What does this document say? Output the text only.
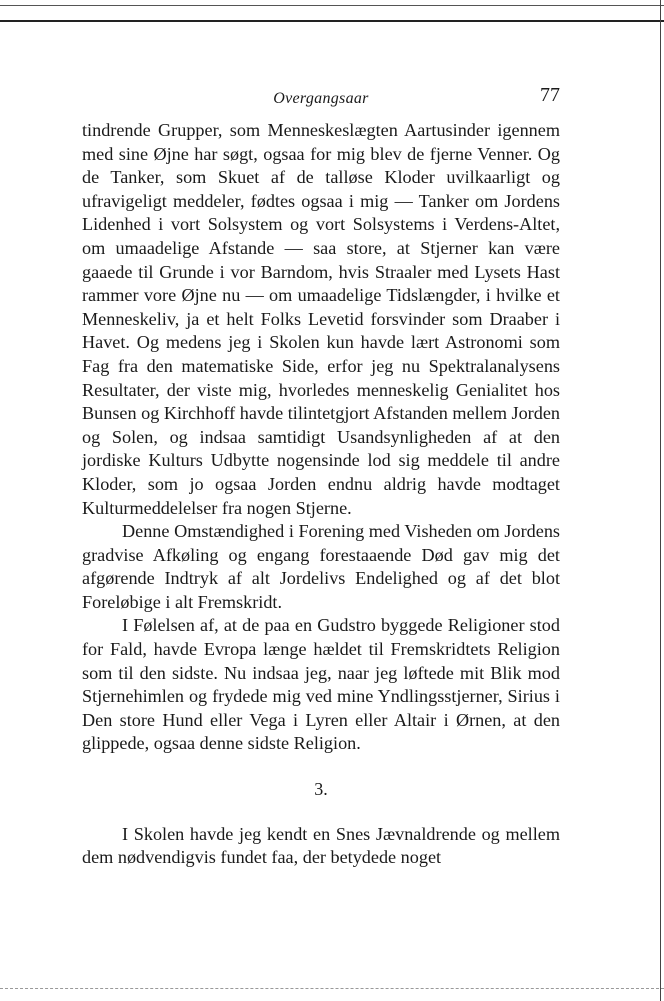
Overgangsaar	77

tindrende Grupper, som Menneskeslægten Aartusinder igennem med sine Øjne har søgt, ogsaa for mig blev de fjerne Venner. Og de Tanker, som Skuet af de talløse Kloder uvilkaarligt og ufravigeligt meddeler, fødtes ogsaa i mig — Tanker om Jordens Lidenhed i vort Solsystem og vort Solsystems i Verdens-Altet, om umaadelige Afstande — saa store, at Stjerner kan være gaaede til Grunde i vor Barndom, hvis Straaler med Lysets Hast rammer vore Øjne nu — om umaadelige Tidslængder, i hvilke et Menneskeliv, ja et helt Folks Levetid forsvinder som Draaber i Havet. Og medens jeg i Skolen kun havde lært Astronomi som Fag fra den matematiske Side, erfor jeg nu Spektralanalysens Resultater, der viste mig, hvorledes menneskelig Genialitet hos Bunsen og Kirchhoff havde tilintetgjort Afstanden mellem Jorden og Solen, og indsaa samtidigt Usandsynligheden af at den jordiske Kulturs Udbytte nogensinde lod sig meddele til andre Kloder, som jo ogsaa Jorden endnu aldrig havde modtaget Kulturmeddelelser fra nogen Stjerne.

Denne Omstændighed i Forening med Visheden om Jordens gradvise Afkøling og engang forestaaende Død gav mig det afgørende Indtryk af alt Jordelivs Endelighed og af det blot Foreløbige i alt Fremskridt.

I Følelsen af, at de paa en Gudstro byggede Religioner stod for Fald, havde Evropa længe hældet til Fremskridtets Religion som til den sidste. Nu indsaa jeg, naar jeg løftede mit Blik mod Stjernehimlen og frydede mig ved mine Yndlingsstjerner, Sirius i Den store Hund eller Vega i Lyren eller Altair i Ørnen, at den glippede, ogsaa denne sidste Religion.

3.

I Skolen havde jeg kendt en Snes Jævnaldrende og mellem dem nødvendigvis fundet faa, der betydede noget
